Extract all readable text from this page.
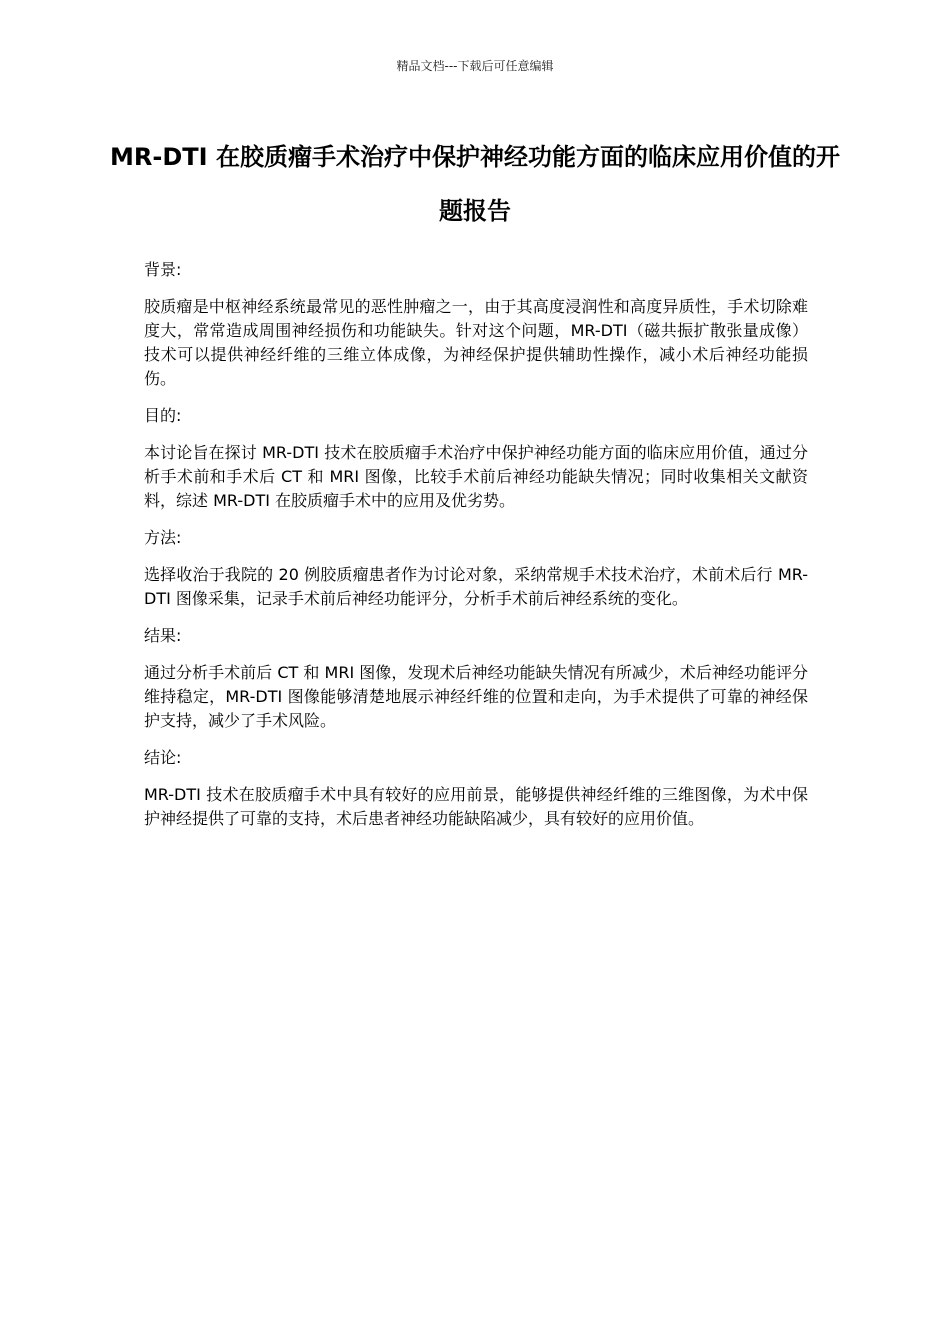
精品文档---下载后可任意编辑
MR-DTI 在胶质瘤手术治疗中保护神经功能方面的临床应用价值的开题报告

背景:

胶质瘤是中枢神经系统最常见的恶性肿瘤之一，由于其高度浸润性和高度异质性，手术切除难度大，常常造成周围神经损伤和功能缺失。针对这个问题，MR-DTI（磁共振扩散张量成像）技术可以提供神经纤维的三维立体成像，为神经保护提供辅助性操作，减小术后神经功能损伤。

目的:

本讨论旨在探讨 MR-DTI 技术在胶质瘤手术治疗中保护神经功能方面的临床应用价值，通过分析手术前和手术后 CT 和 MRI 图像，比较手术前后神经功能缺失情况；同时收集相关文献资料，综述 MR-DTI 在胶质瘤手术中的应用及优劣势。

方法:

选择收治于我院的 20 例胶质瘤患者作为讨论对象，采纳常规手术技术治疗，术前术后行 MR-DTI 图像采集，记录手术前后神经功能评分，分析手术前后神经系统的变化。

结果:

通过分析手术前后 CT 和 MRI 图像，发现术后神经功能缺失情况有所减少，术后神经功能评分维持稳定，MR-DTI 图像能够清楚地展示神经纤维的位置和走向，为手术提供了可靠的神经保护支持，减少了手术风险。

结论:

MR-DTI 技术在胶质瘤手术中具有较好的应用前景，能够提供神经纤维的三维图像，为术中保护神经提供了可靠的支持，术后患者神经功能缺陷减少，具有较好的应用价值。
